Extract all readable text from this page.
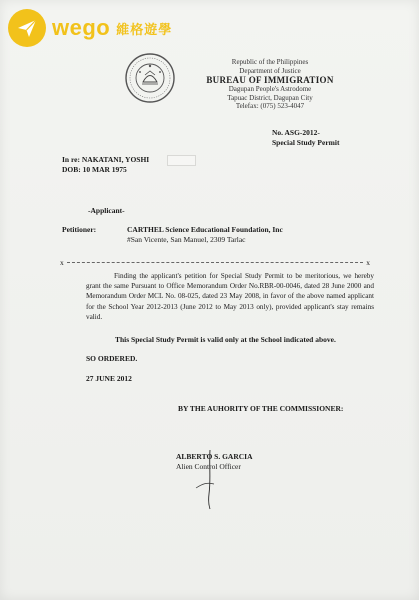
wego 維格遊學
Republic of the Philippines
Department of Justice
BUREAU OF IMMIGRATION
Dagupan People's Astrodome
Tapuac District, Dagupan City
Telefax: (075) 523-4047
No. ASG-2012-
Special Study Permit
In re: NAKATANI, YOSHI
DOB: 10 MAR 1975
-Applicant-
Petitioner:	CARTHEL Science Educational Foundation, Inc
#San Vicente, San Manuel, 2309 Tarlac
x	x

Finding the applicant's petition for Special Study Permit to be meritorious, we hereby grant the same Pursuant to Office Memorandum Order No.RBR-00-0046, dated 28 June 2000 and Memorandum Order MCL No. 08-025, dated 23 May 2008, in favor of the above named applicant for the School Year 2012-2013 (June 2012 to May 2013 only), provided applicant's stay remains valid.

This Special Study Permit is valid only at the School indicated above.
SO ORDERED.
27 JUNE 2012
BY THE AUHORITY OF THE COMMISSIONER:
ALBERTO S. GARCIA
Alien Control Officer
